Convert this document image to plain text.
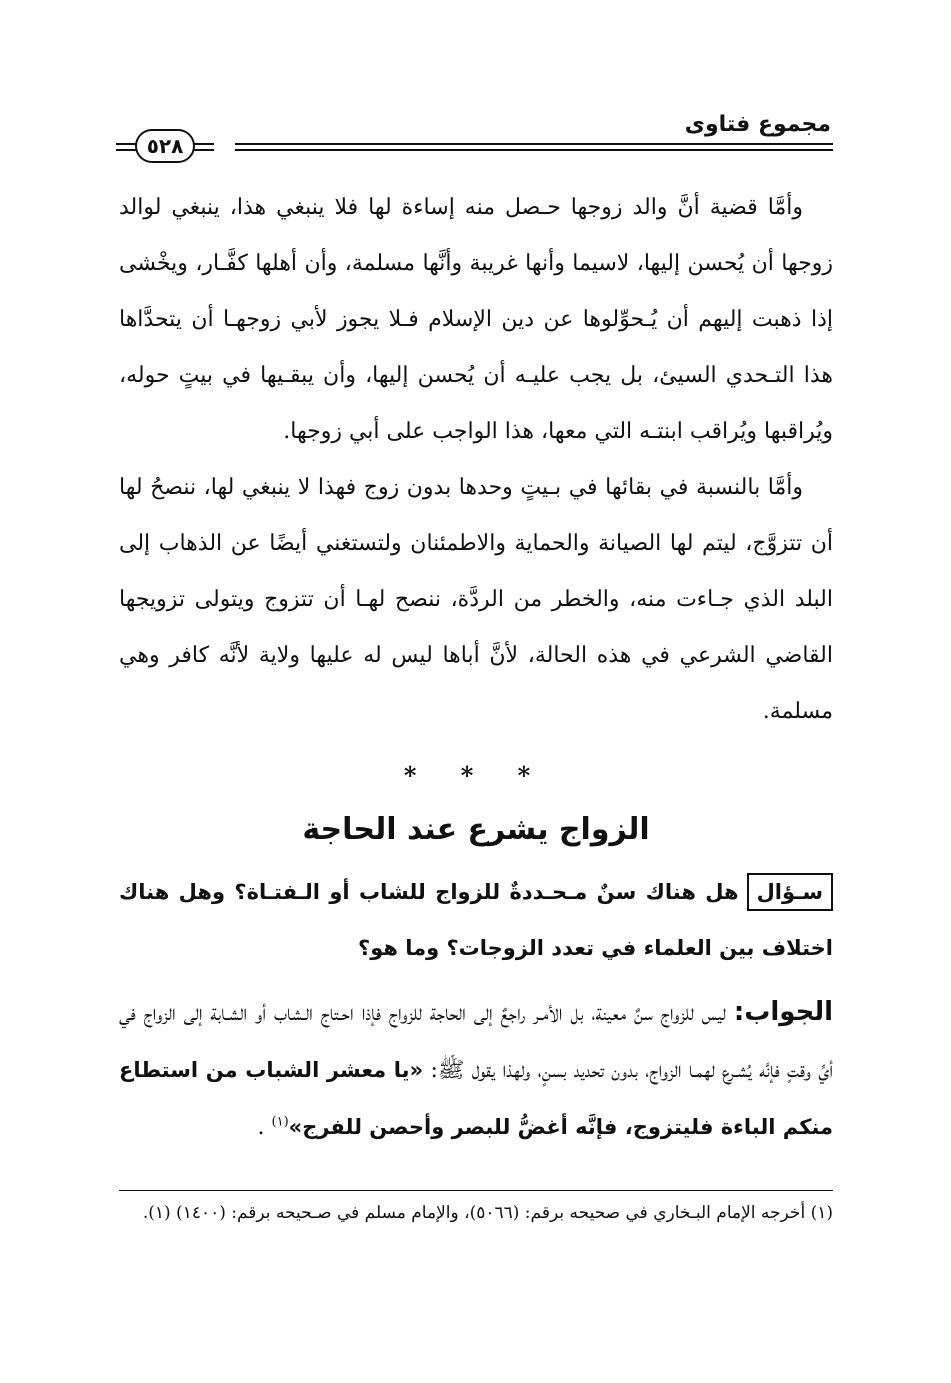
مجموع فتاوى
٥٢٨

وأمَّا قضية أنَّ والد زوجها حـصل منه إساءة لها فلا ينبغي هذا، ينبغي لوالد زوجها أن يُحسن إليها، لاسيما وأنها غريبة وأنَّها مسلمة، وأن أهلها كفَّـار، ويخْشى إذا ذهبت إليهم أن يُـحوِّلوها عن دين الإسلام فـلا يجوز لأبي زوجهـا أن يتحدَّاها هذا التـحدي السيئ، بل يجب عليـه أن يُحسن إليها، وأن يبقـيها في بيتٍ حوله، ويُراقبها ويُراقب ابنتـه التي معها، هذا الواجب على أبي زوجها.

وأمَّا بالنسبة في بقائها في بـيتٍ وحدها بدون زوج فهذا لا ينبغي لها، ننصحُ لها أن تتزوَّج، ليتم لها الصيانة والحماية والاطمئنان ولتستغني أيضًا عن الذهاب إلى البلد الذي جـاءت منه، والخطر من الردَّة، ننصح لهـا أن تتزوج ويتولى تزويجها القاضي الشرعي في هذه الحالة، لأنَّ أباها ليس له عليها ولاية لأنَّه كافر وهي مسلمة.

* * *
الزواج يشرع عند الحاجة
سـؤالهل هناك سنٌ مـحـددةٌ للزواج للشاب أو الـفتـاة؟ وهل هناك اختلاف بين العلماء في تعدد الزوجات؟ وما هو؟
الجواب: ليس للزواج سنٌ معينة، بل الأمـر راجعٌ إلى الحاجة للزواج فإذا احـتاج الـشاب أو الشـابة إلى الزواج في أيِّ وقتٍ فإنَّه يُشـرع لهمـا الزواج، بدون تحديد بسنٍ، ولهذا يقول ﷺ: «يا معشر الشباب من استطاع منكم الباءة فليتزوج، فإنَّه أغضُّ للبصر وأحصن للفرج»$^{(١)}$ .
(١) أخرجه الإمام البـخاري في صحيحه برقم: (٥٠٦٦)، والإمام مسلم في صـحيحه برقم: (١٤٠٠) (١).
